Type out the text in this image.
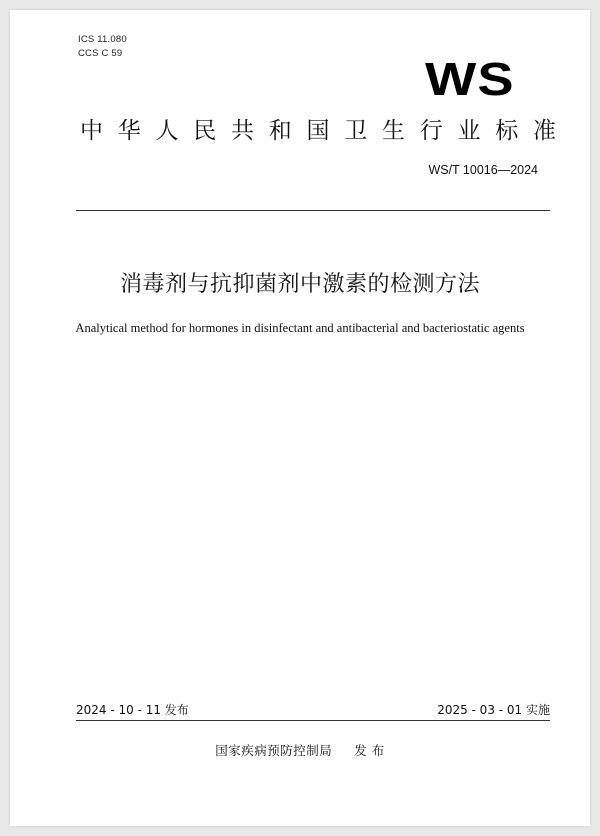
ICS 11.080
CCS C 59	WS
中 华 人 民 共 和 国 卫 生 行 业 标 准
WS/T 10016—2024
消毒剂与抗抑菌剂中激素的检测方法
Analytical method for hormones in disinfectant and antibacterial and bacteriostatic agents
2024 - 10 - 11 发布	2025 - 03 - 01 实施
国家疾病预防控制局 发 布
